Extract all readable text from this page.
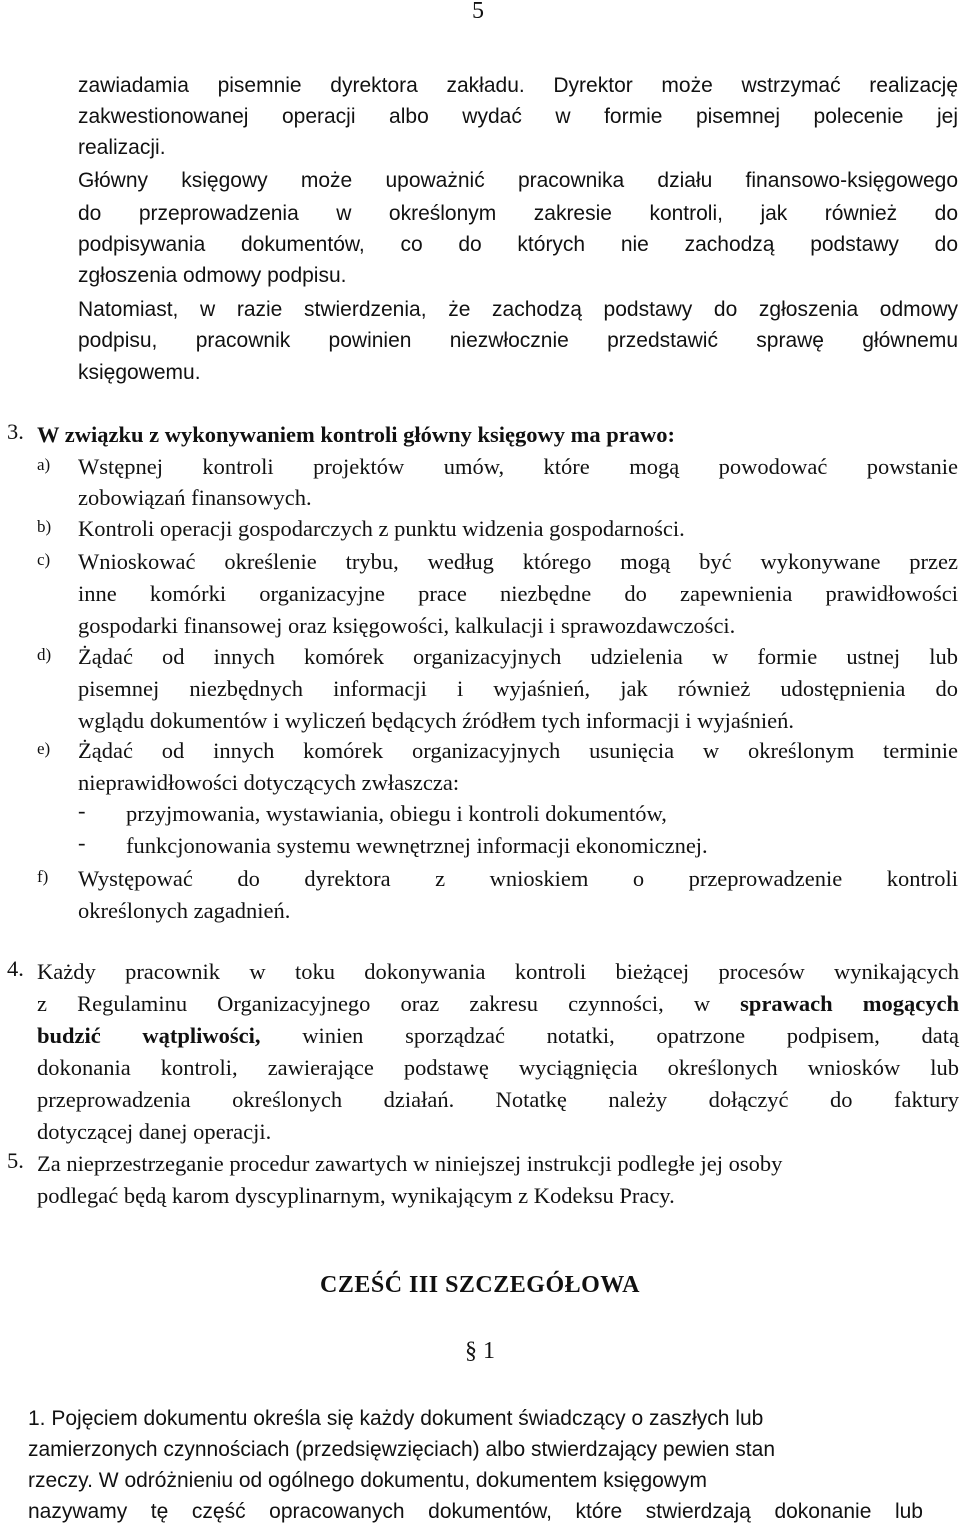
5
zawiadamia pisemnie dyrektora zakładu. Dyrektor może wstrzymać realizację
zakwestionowanej operacji albo wydać w formie pisemnej polecenie jej
realizacji.
Główny księgowy może upoważnić pracownika działu finansowo-księgowego
do przeprowadzenia w określonym zakresie kontroli, jak również do
podpisywania dokumentów, co do których nie zachodzą podstawy do
zgłoszenia odmowy podpisu.
Natomiast, w razie stwierdzenia, że zachodzą podstawy do zgłoszenia odmowy
podpisu, pracownik powinien niezwłocznie przedstawić sprawę głównemu
księgowemu.
3. W związku z wykonywaniem kontroli główny księgowy ma prawo:
a) Wstępnej kontroli projektów umów, które mogą powodować powstanie
zobowiązań finansowych.
b) Kontroli operacji gospodarczych z punktu widzenia gospodarności.
c) Wnioskować określenie trybu, według którego mogą być wykonywane przez
inne komórki organizacyjne prace niezbędne do zapewnienia prawidłowości
gospodarki finansowej oraz księgowości, kalkulacji i sprawozdawczości.
d) Żądać od innych komórek organizacyjnych udzielenia w formie ustnej lub
pisemnej niezbędnych informacji i wyjaśnień, jak również udostępnienia do
wglądu dokumentów i wyliczeń będących źródłem tych informacji i wyjaśnień.
e) Żądać od innych komórek organizacyjnych usunięcia w określonym terminie
nieprawidłowości dotyczących zwłaszcza:
- przyjmowania, wystawiania, obiegu i kontroli dokumentów,
- funkcjonowania systemu wewnętrznej informacji ekonomicznej.
f) Występować do dyrektora z wnioskiem o przeprowadzenie kontroli
określonych zagadnień.
4. Każdy pracownik w toku dokonywania kontroli bieżącej procesów wynikających
z Regulaminu Organizacyjnego oraz zakresu czynności, w sprawach mogących
budzić wątpliwości, winien sporządzać notatki, opatrzone podpisem, datą
dokonania kontroli, zawierające podstawę wyciągnięcia określonych wniosków lub
przeprowadzenia określonych działań. Notatkę należy dołączyć do faktury
dotyczącej danej operacji.
5. Za nieprzestrzeganie procedur zawartych w niniejszej instrukcji podległe jej osoby
podlegać będą karom dyscyplinarnym, wynikającym z Kodeksu Pracy.
CZEŚĆ III SZCZEGÓŁOWA
§ 1
1. Pojęciem dokumentu określa się każdy dokument świadczący o zaszłych lub
zamierzonych czynnościach (przedsięwzięciach) albo stwierdzający pewien stan
rzeczy. W odróżnieniu od ogólnego dokumentu, dokumentem księgowym
nazywamy tę część opracowanych dokumentów, które stwierdzają dokonanie lub
